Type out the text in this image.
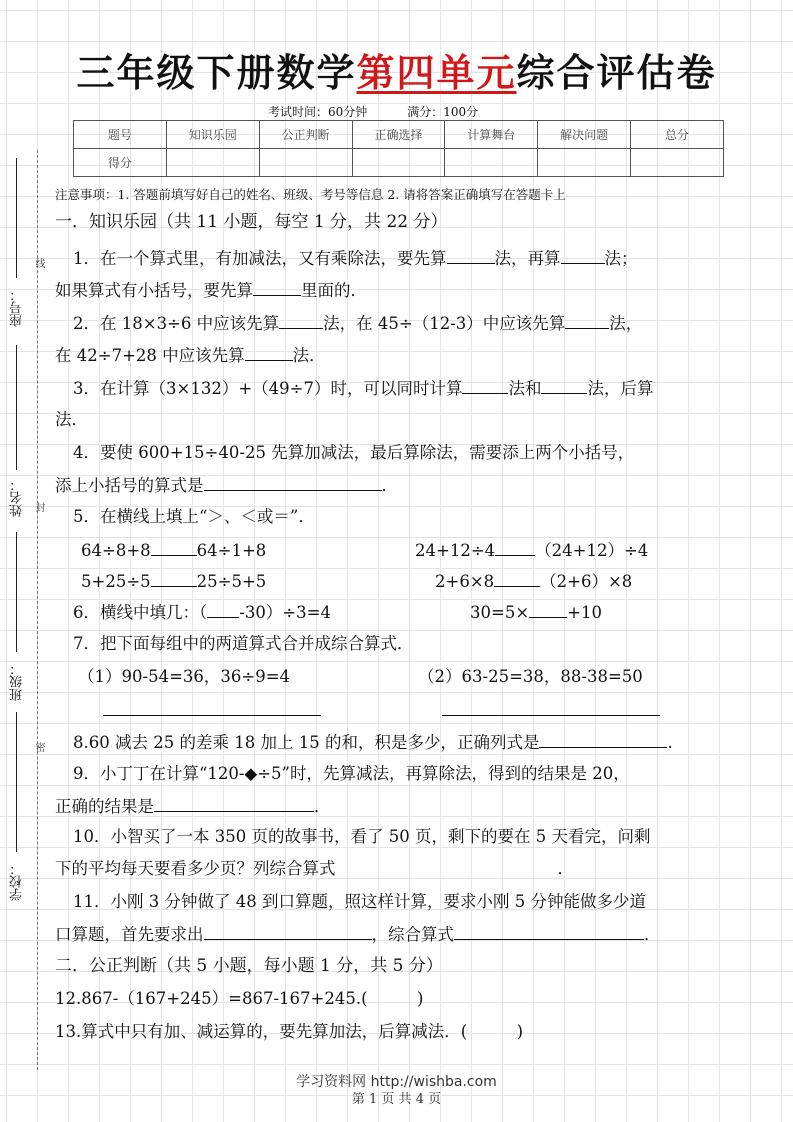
线
封
密
座号：
姓名：
班级：
学校：
三年级下册数学第四单元综合评估卷
考试时间：60分钟	满分：100分
题号	知识乐园	公正判断	正确选择	计算舞台	解决问题	总分
得分						
注意事项：1. 答题前填写好自己的姓名、班级、考号等信息 2. 请将答案正确填写在答题卡上
一．知识乐园（共 11 小题，每空 1 分，共 22 分）
1．在一个算式里，有加减法，又有乘除法，要先算	法，再算	法；
如果算式有小括号，要先算	里面的．
2．在 18×3÷6 中应该先算	法，在 45÷（12-3）中应该先算	法，
在 42÷7+28 中应该先算	法．
3．在计算（3×132）+（49÷7）时，可以同时计算	法和	法，后算
法．
4．要使 600+15÷40-25 先算加减法，最后算除法，需要添上两个小括号，
添上小括号的算式是	．
5．在横线上填上“＞、＜或＝”．
64÷8+8	64÷1+8	24+12÷4 （24+12）÷4
5+25÷5	25÷5+5	2+6×8	（2+6）×8
6．横线中填几：（ -30）÷3=4	30=5× +10
7．把下面每组中的两道算式合并成综合算式．
（1）90-54=36，36÷9=4	（2）63-25=38，88-38=50
8.60 减去 25 的差乘 18 加上 15 的和，积是多少，正确列式是	.
9．小丁丁在计算“120-◆÷5”时，先算减法，再算除法，得到的结果是 20，
正确的结果是	．
10．小智买了一本 350 页的故事书，看了 50 页，剩下的要在 5 天看完，问剩
下的平均每天要看多少页？列综合算式	．
11．小刚 3 分钟做了 48 到口算题，照这样计算，要求小刚 5 分钟能做多少道
口算题，首先要求出	，综合算式	．
二．公正判断（共 5 小题，每小题 1 分，共 5 分）
12.867-（167+245）=867-167+245.(　　　)
13.算式中只有加、减运算的，要先算加法，后算减法．(　　　)
学习资料网 http://wishba.com
第 1 页 共 4 页
